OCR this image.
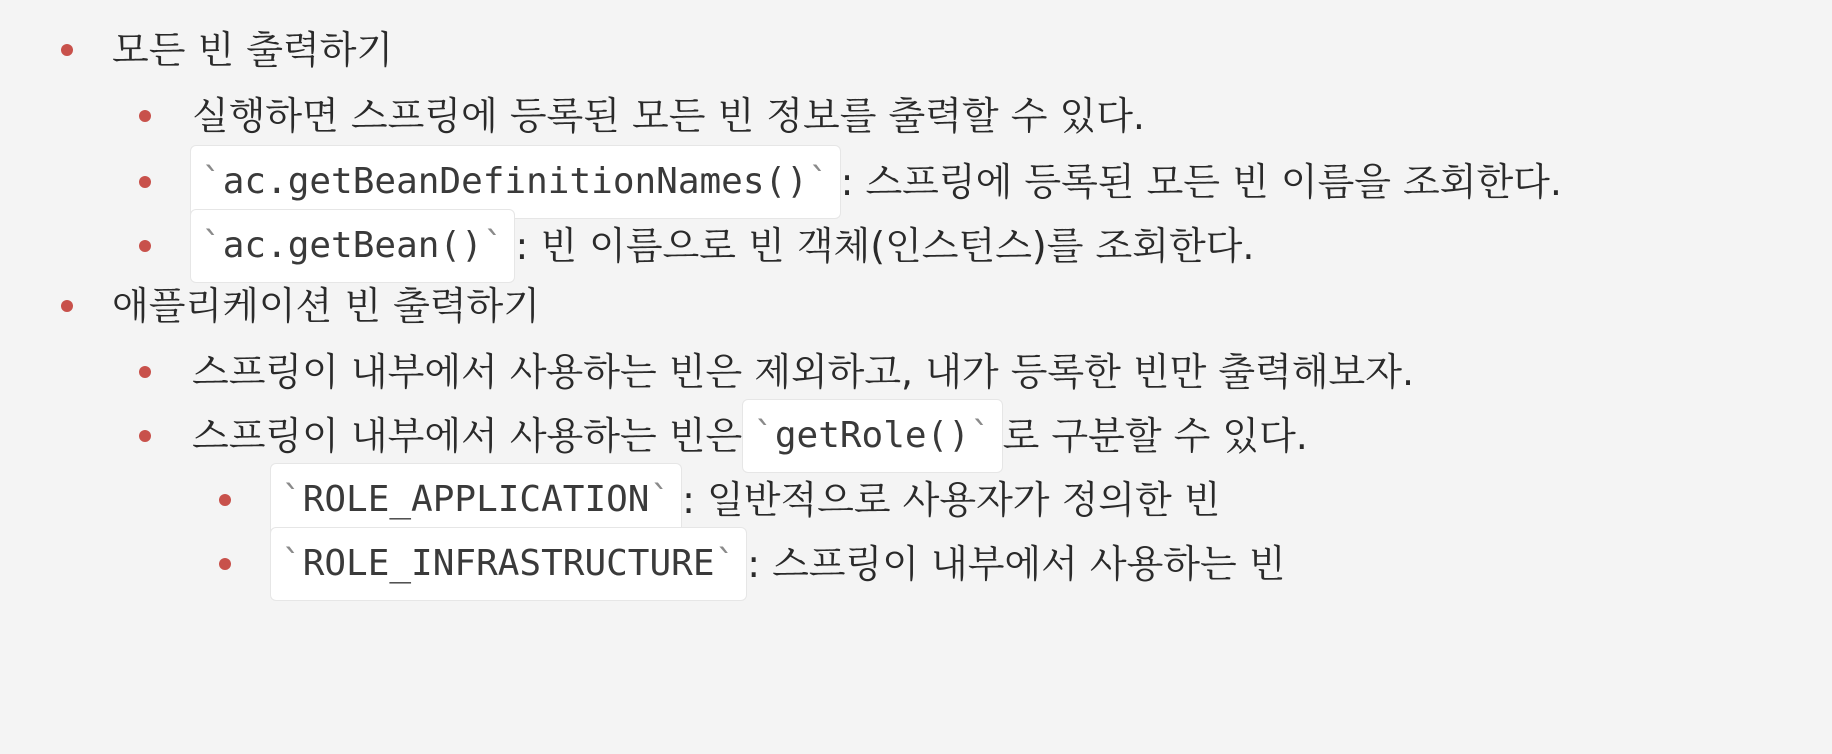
모든 빈 출력하기
실행하면 스프링에 등록된 모든 빈 정보를 출력할 수 있다.
` ac.getBeanDefinitionNames() ` : 스프링에 등록된 모든 빈 이름을 조회한다.
` ac.getBean() ` : 빈 이름으로 빈 객체(인스턴스)를 조회한다.
애플리케이션 빈 출력하기
스프링이 내부에서 사용하는 빈은 제외하고, 내가 등록한 빈만 출력해보자.
스프링이 내부에서 사용하는 빈은 ` getRole() ` 로 구분할 수 있다.
` ROLE_APPLICATION ` : 일반적으로 사용자가 정의한 빈
` ROLE_INFRASTRUCTURE ` : 스프링이 내부에서 사용하는 빈
